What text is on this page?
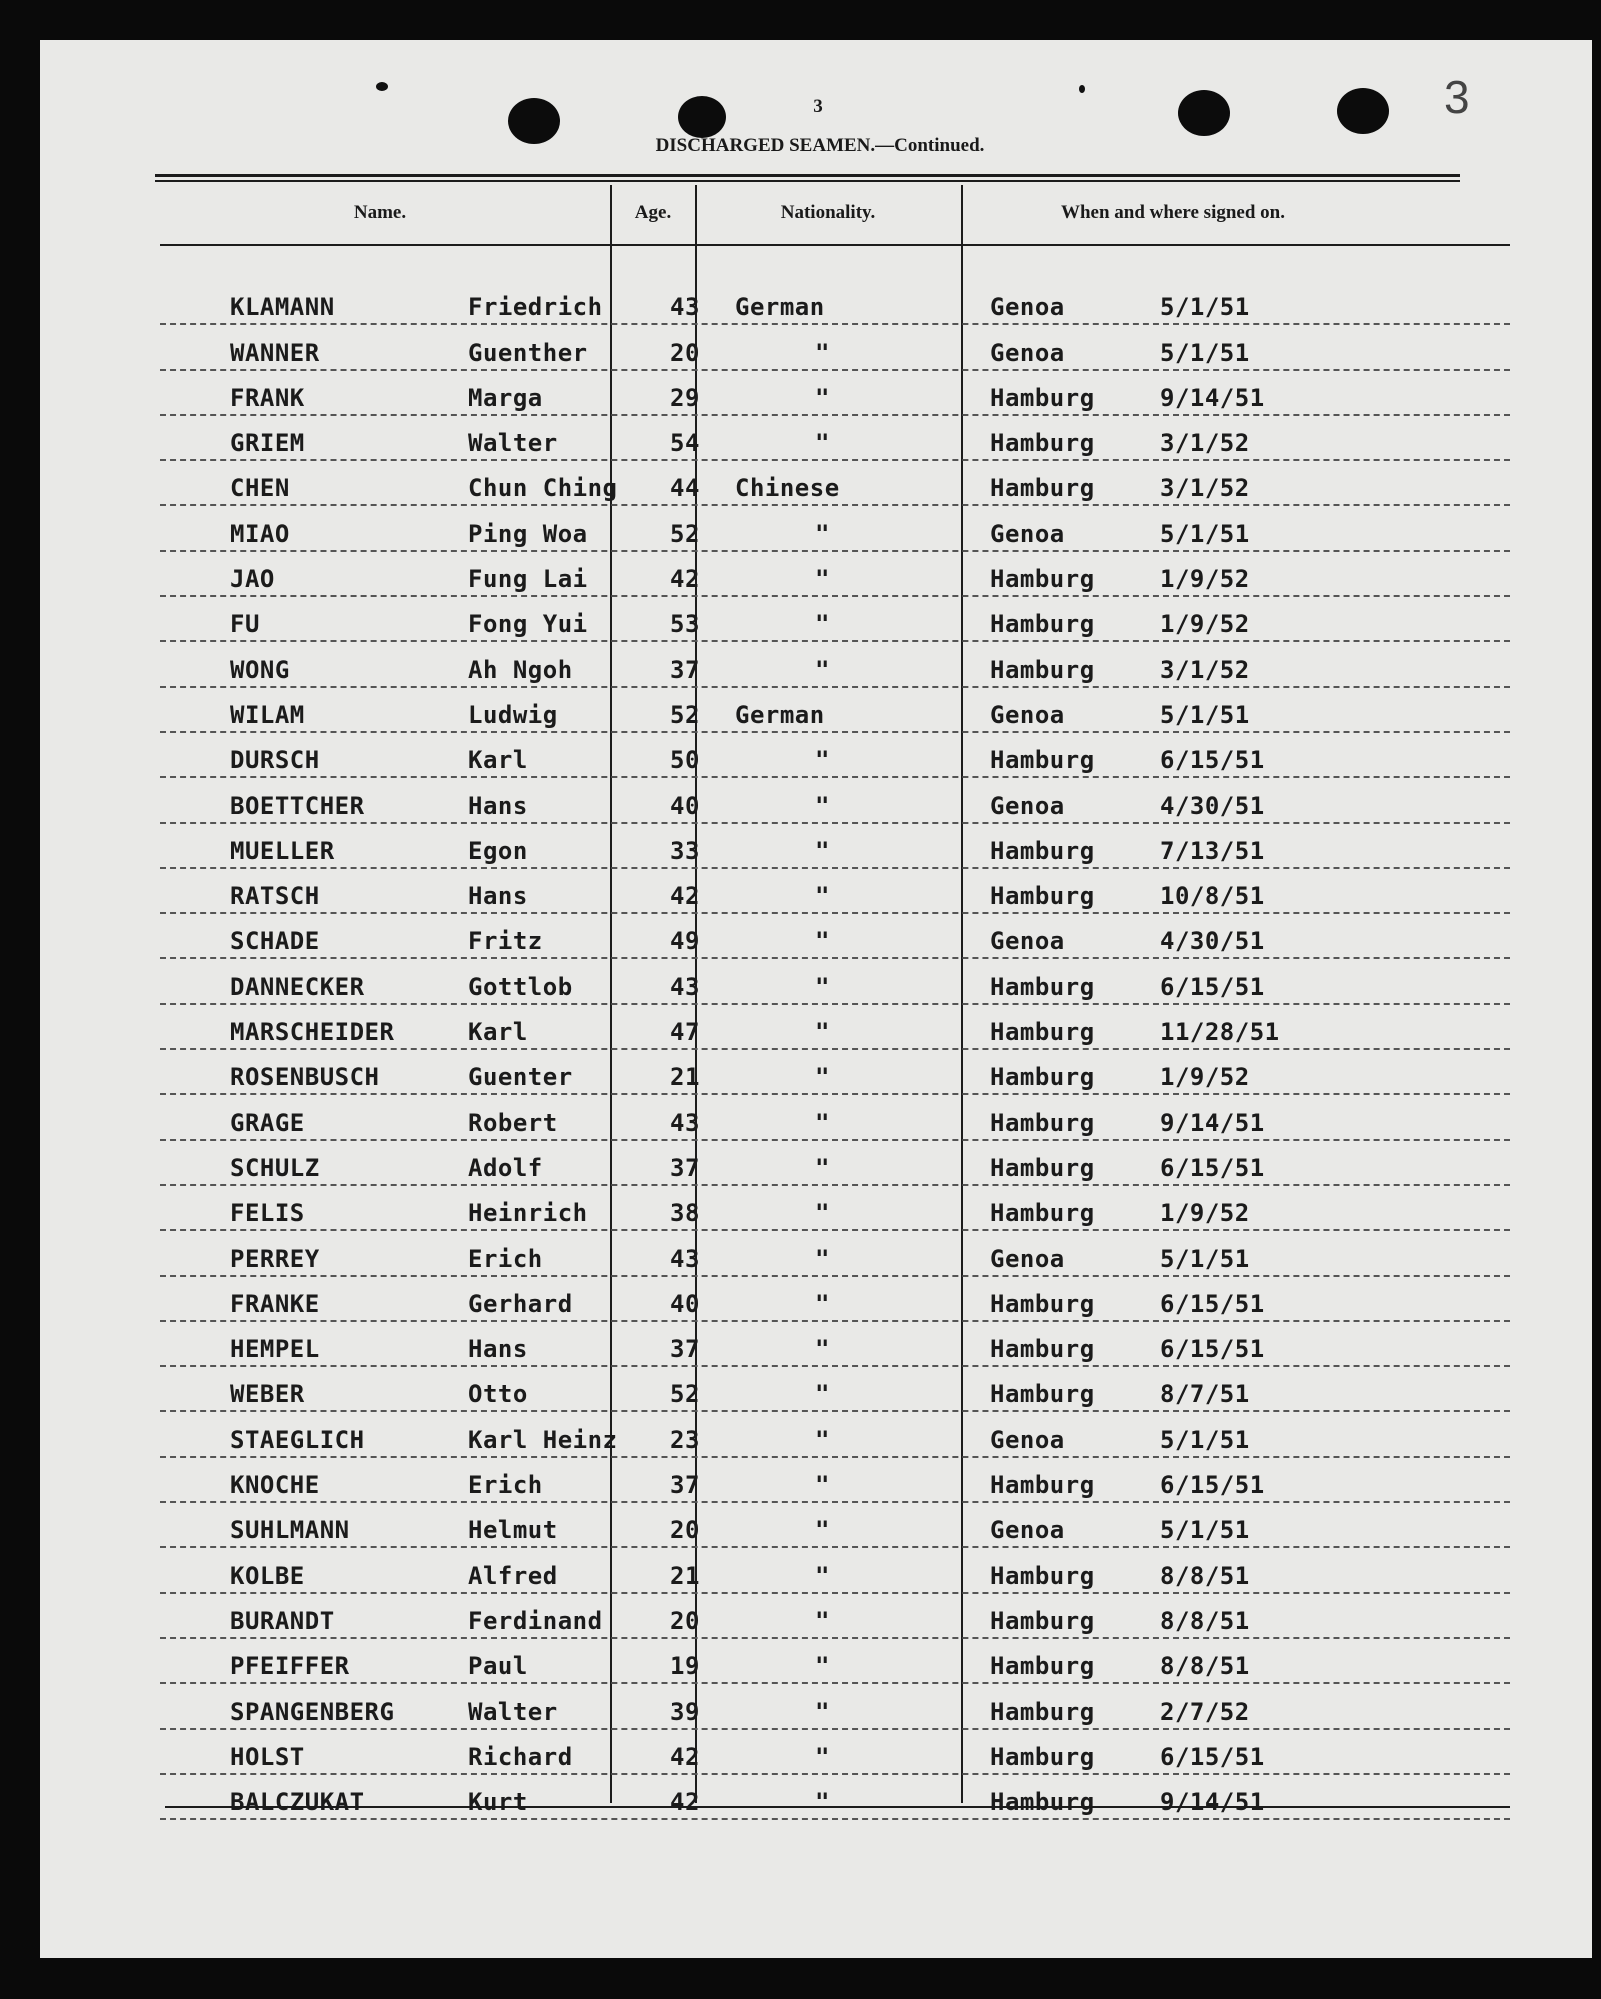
3	3
DISCHARGED SEAMEN.—Continued.
Name.	Age.	Nationality.	When and where signed on.
KLAMANN	Friedrich	43	German	Genoa	5/1/51
WANNER	Guenther	20	"	Genoa	5/1/51
FRANK	Marga	29	"	Hamburg	9/14/51
GRIEM	Walter	54	"	Hamburg	3/1/52
CHEN	Chun Ching 44	Chinese	Hamburg	3/1/52
MIAO	Ping Woa	52	"	Genoa	5/1/51
JAO	Fung Lai	42	"	Hamburg	1/9/52
FU	Fong Yui	53	"	Hamburg	1/9/52
WONG	Ah Ngoh	37	"	Hamburg	3/1/52
WILAM	Ludwig	52	German	Genoa	5/1/51
DURSCH	Karl	50	"	Hamburg	6/15/51
BOETTCHER	Hans	40	"	Genoa	4/30/51
MUELLER	Egon	33	"	Hamburg	7/13/51
RATSCH	Hans	42	"	Hamburg	10/8/51
SCHADE	Fritz	49	"	Genoa	4/30/51
DANNECKER	Gottlob	43	"	Hamburg	6/15/51
MARSCHEIDER	Karl	47	"	Hamburg	11/28/51
ROSENBUSCH	Guenter	21	"	Hamburg	1/9/52
GRAGE	Robert	43	"	Hamburg	9/14/51
SCHULZ	Adolf	37	"	Hamburg	6/15/51
FELIS	Heinrich	38	"	Hamburg	1/9/52
PERREY	Erich	43	"	Genoa	5/1/51
FRANKE	Gerhard	40	"	Hamburg	6/15/51
HEMPEL	Hans	37	"	Hamburg	6/15/51
WEBER	Otto	52	"	Hamburg	8/7/51
STAEGLICH	Karl Heinz 23	"	Genoa	5/1/51
KNOCHE	Erich	37	"	Hamburg	6/15/51
SUHLMANN	Helmut	20	"	Genoa	5/1/51
KOLBE	Alfred	21	"	Hamburg	8/8/51
BURANDT	Ferdinand	20	"	Hamburg	8/8/51
PFEIFFER	Paul	19	"	Hamburg	8/8/51
SPANGENBERG	Walter	39	"	Hamburg	2/7/52
HOLST	Richard	42	"	Hamburg	6/15/51
BALCZUKAT	Kurt	42	"	Hamburg	9/14/51
